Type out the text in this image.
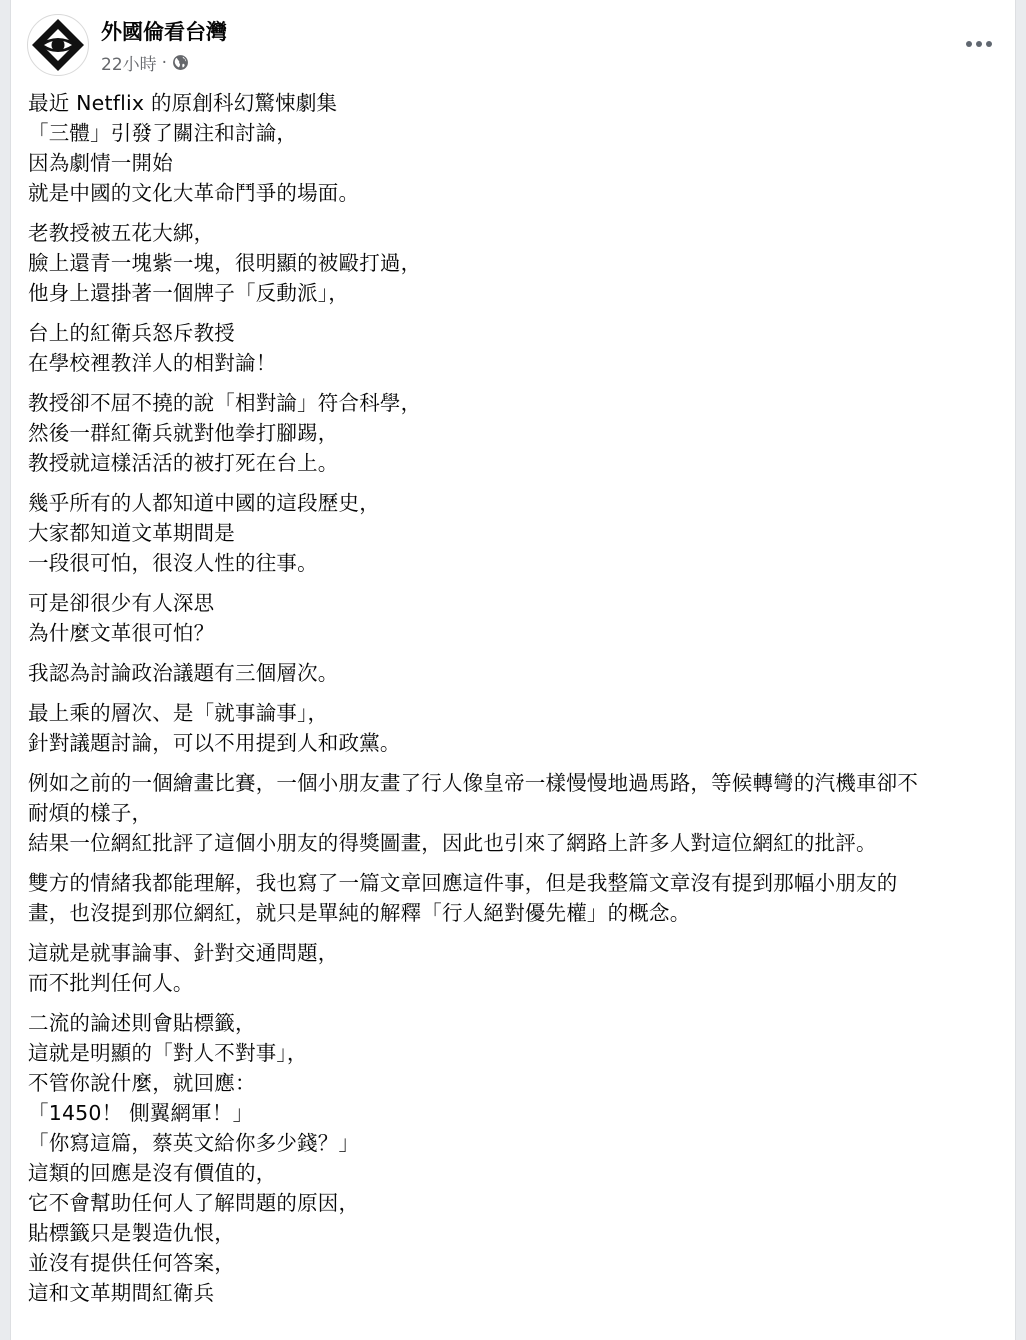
外國倫看台灣
22小時 ·
最近 Netflix 的原創科幻驚悚劇集
「三體」引發了關注和討論，
因為劇情一開始
就是中國的文化大革命鬥爭的場面。
老教授被五花大綁，
臉上還青一塊紫一塊，很明顯的被毆打過，
他身上還掛著一個牌子「反動派」，
台上的紅衛兵怒斥教授
在學校裡教洋人的相對論！
教授卻不屈不撓的說「相對論」符合科學，
然後一群紅衛兵就對他拳打腳踢，
教授就這樣活活的被打死在台上。
幾乎所有的人都知道中國的這段歷史，
大家都知道文革期間是
一段很可怕，很沒人性的往事。
可是卻很少有人深思
為什麼文革很可怕？
我認為討論政治議題有三個層次。
最上乘的層次、是「就事論事」，
針對議題討論，可以不用提到人和政黨。
例如之前的一個繪畫比賽，一個小朋友畫了行人像皇帝一樣慢慢地過馬路，等候轉彎的汽機車卻不
耐煩的樣子，
結果一位網紅批評了這個小朋友的得獎圖畫，因此也引來了網路上許多人對這位網紅的批評。
雙方的情緒我都能理解，我也寫了一篇文章回應這件事，但是我整篇文章沒有提到那幅小朋友的
畫，也沒提到那位網紅，就只是單純的解釋「行人絕對優先權」的概念。
這就是就事論事、針對交通問題，
而不批判任何人。
二流的論述則會貼標籤，
這就是明顯的「對人不對事」，
不管你說什麼，就回應：
「1450！ 側翼網軍！」
「你寫這篇，蔡英文給你多少錢？」
這類的回應是沒有價值的，
它不會幫助任何人了解問題的原因，
貼標籤只是製造仇恨，
並沒有提供任何答案，
這和文革期間紅衛兵
